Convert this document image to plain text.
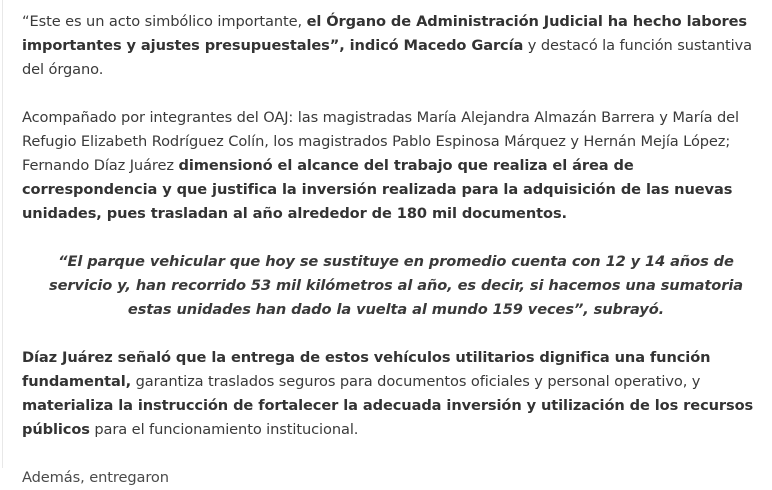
“Este es un acto simbólico importante, el Órgano de Administración Judicial ha hecho labores importantes y ajustes presupuestales”, indicó Macedo García y destacó la función sustantiva del órgano.

Acompañado por integrantes del OAJ: las magistradas María Alejandra Almazán Barrera y María del Refugio Elizabeth Rodríguez Colín, los magistrados Pablo Espinosa Márquez y Hernán Mejía López; Fernando Díaz Juárez dimensionó el alcance del trabajo que realiza el área de correspondencia y que justifica la inversión realizada para la adquisición de las nuevas unidades, pues trasladan al año alrededor de 180 mil documentos.

“El parque vehicular que hoy se sustituye en promedio cuenta con 12 y 14 años de servicio y, han recorrido 53 mil kilómetros al año, es decir, si hacemos una sumatoria estas unidades han dado la vuelta al mundo 159 veces”, subrayó.

Díaz Juárez señaló que la entrega de estos vehículos utilitarios dignifica una función fundamental, garantiza traslados seguros para documentos oficiales y personal operativo, y materializa la instrucción de fortalecer la adecuada inversión y utilización de los recursos públicos para el funcionamiento institucional.

Además, entregaron
